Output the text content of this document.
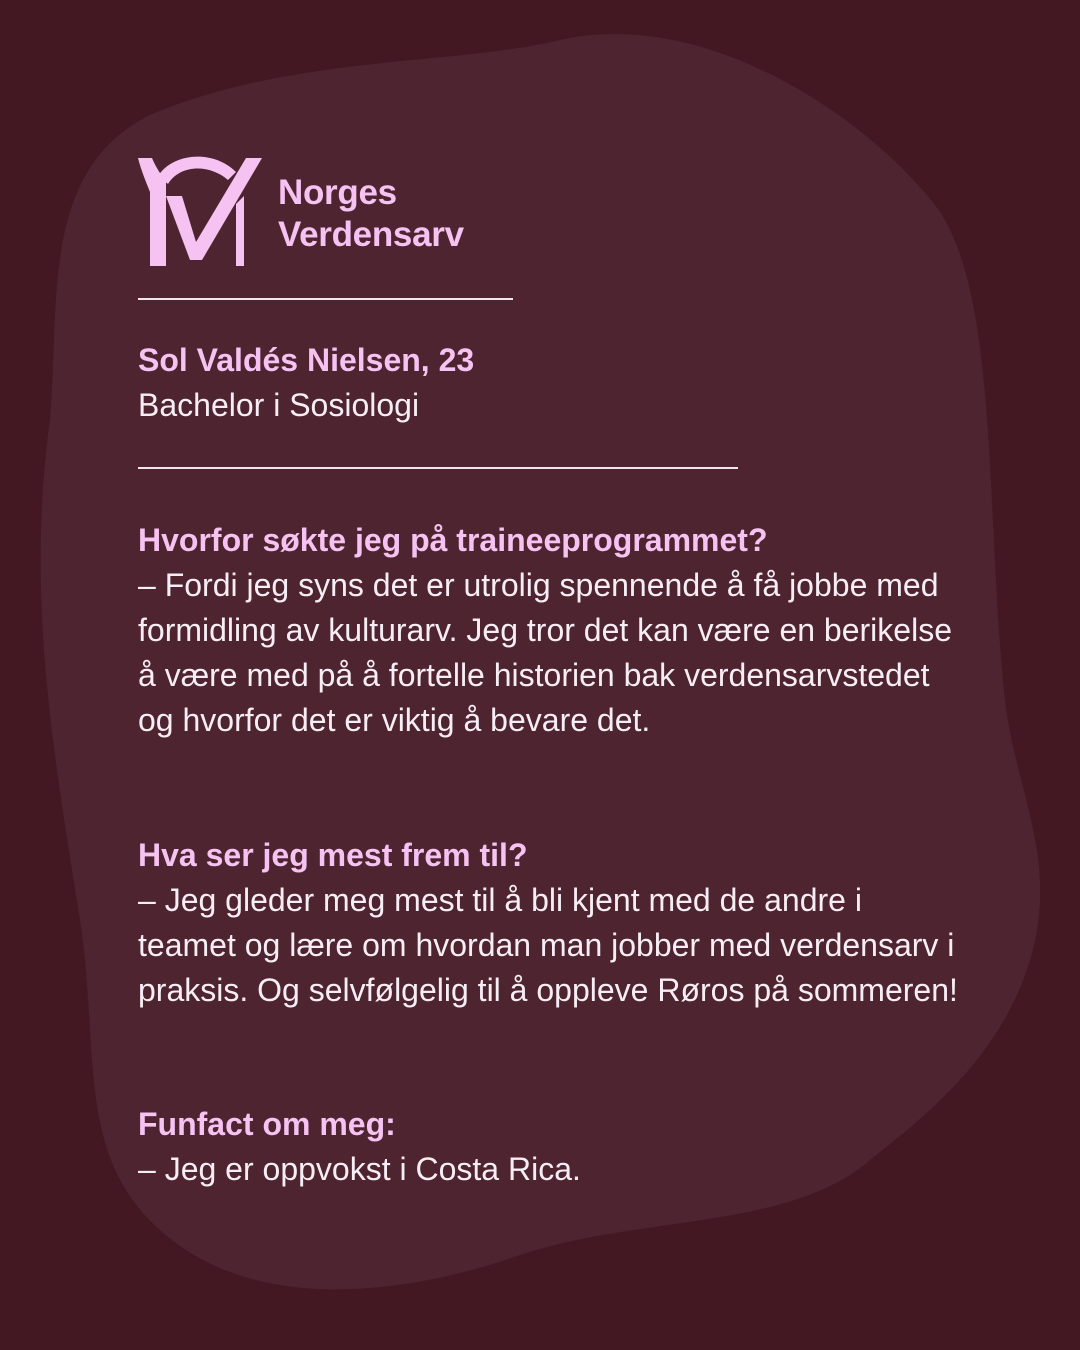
Norges
Verdensarv
Sol Valdés Nielsen, 23
Bachelor i Sosiologi

Hvorfor søkte jeg på traineeprogrammet?

– Fordi jeg syns det er utrolig spennende å få jobbe med formidling av kulturarv. Jeg tror det kan være en berikelse å være med på å fortelle historien bak verdensarvstedet og hvorfor det er viktig å bevare det.

Hva ser jeg mest frem til?

– Jeg gleder meg mest til å bli kjent med de andre i teamet og lære om hvordan man jobber med verdensarv i praksis. Og selvfølgelig til å oppleve Røros på sommeren!

Funfact om meg:

– Jeg er oppvokst i Costa Rica.
